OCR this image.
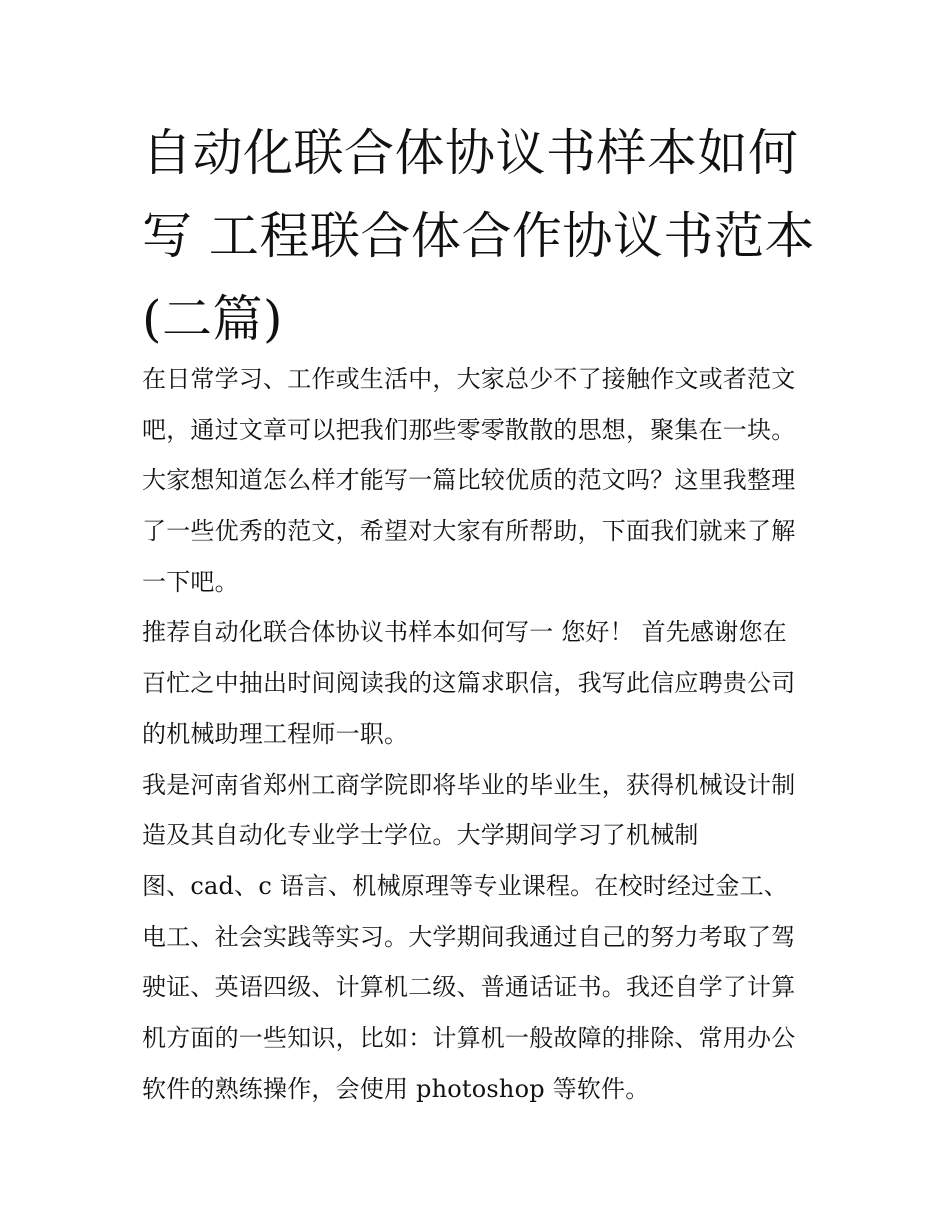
自动化联合体协议书样本如何
写 工程联合体合作协议书范本
(二篇)

在日常学习、工作或生活中，大家总少不了接触作文或者范文
吧，通过文章可以把我们那些零零散散的思想，聚集在一块。
大家想知道怎么样才能写一篇比较优质的范文吗？这里我整理
了一些优秀的范文，希望对大家有所帮助，下面我们就来了解
一下吧。

推荐自动化联合体协议书样本如何写一 您好！ 首先感谢您在
百忙之中抽出时间阅读我的这篇求职信，我写此信应聘贵公司
的机械助理工程师一职。

我是河南省郑州工商学院即将毕业的毕业生，获得机械设计制
造及其自动化专业学士学位。大学期间学习了机械制
图、cad、c 语言、机械原理等专业课程。在校时经过金工、
电工、社会实践等实习。大学期间我通过自己的努力考取了驾
驶证、英语四级、计算机二级、普通话证书。我还自学了计算
机方面的一些知识，比如：计算机一般故障的排除、常用办公
软件的熟练操作，会使用 photoshop 等软件。
